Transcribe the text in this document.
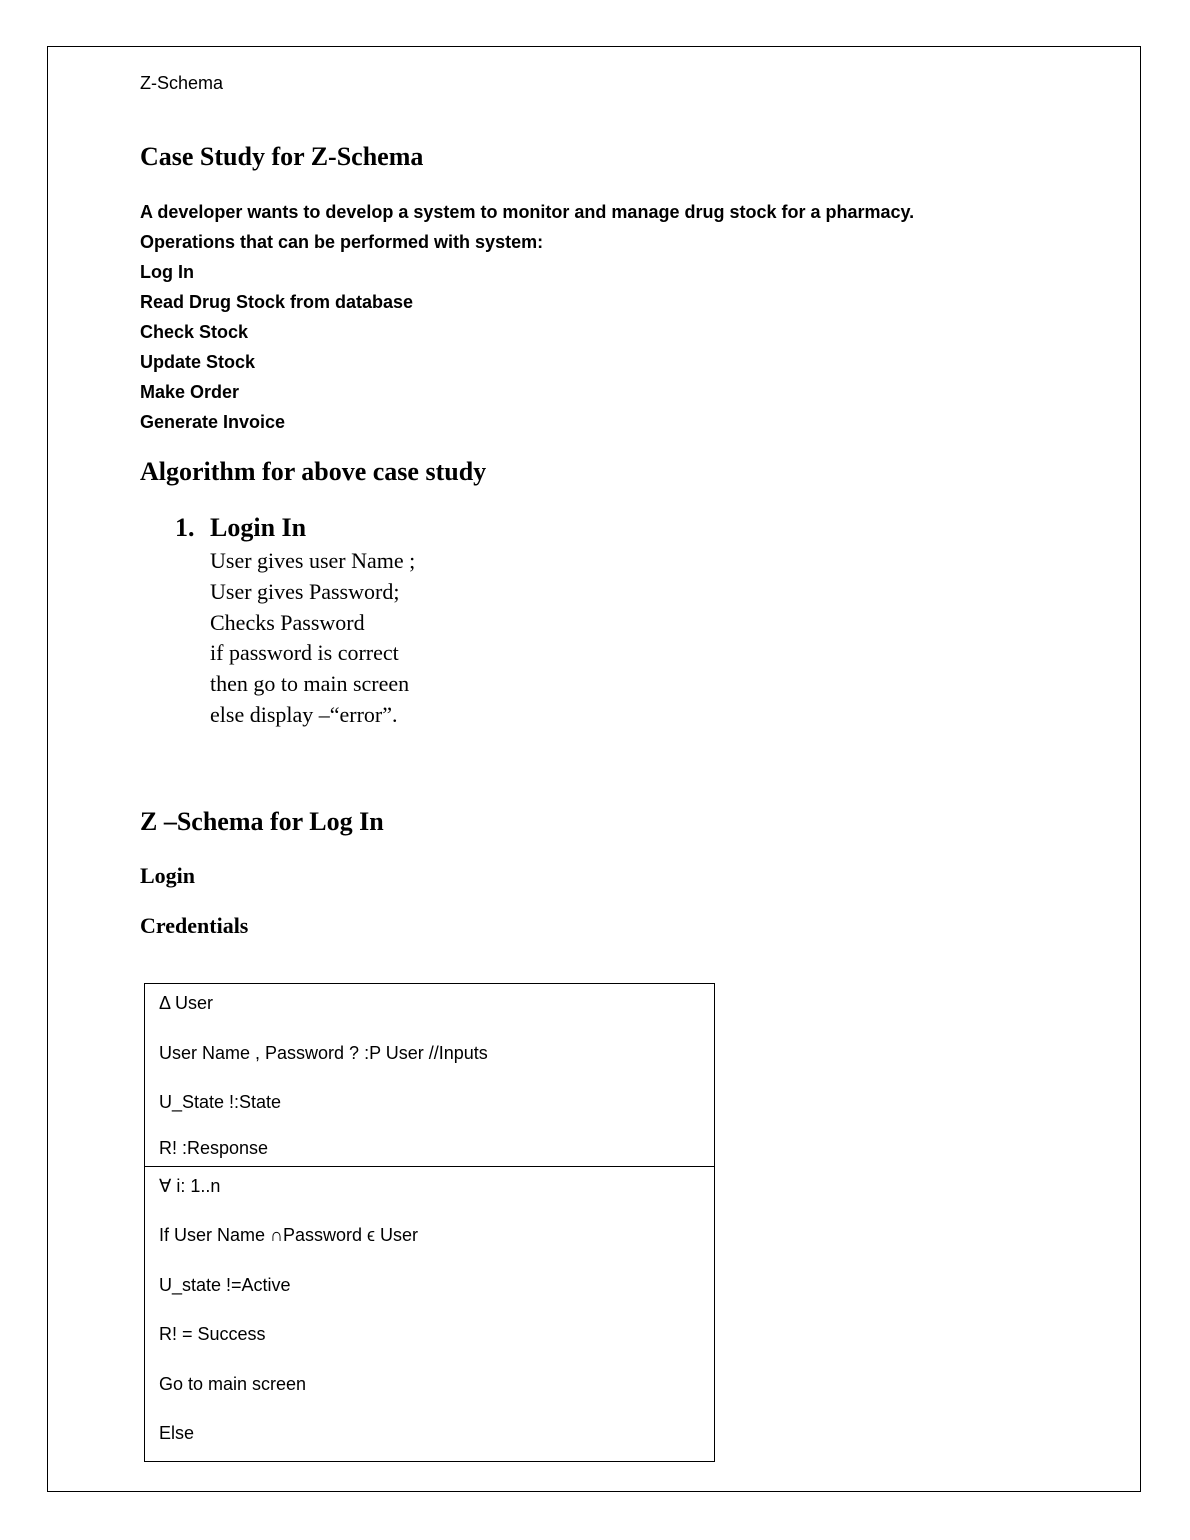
Z-Schema
Case Study for Z-Schema
A developer wants to develop a system to monitor and manage drug stock for a pharmacy.
Operations that can be performed with system:
Log In
Read Drug Stock from database
Check Stock
Update Stock
Make Order
Generate Invoice
Algorithm for above case study
1. Login In
User gives user Name ;
User gives Password;
Checks Password
if password is correct
then go to main screen
else display –“error”.
Z –Schema for Log In
Login
Credentials
Δ User
User Name , Password ? :P User //Inputs
U_State !:State
R! :Response
∀ i: 1..n
If User Name ∩Password ϵ User
U_state !=Active
R! = Success
Go to main screen
Else
